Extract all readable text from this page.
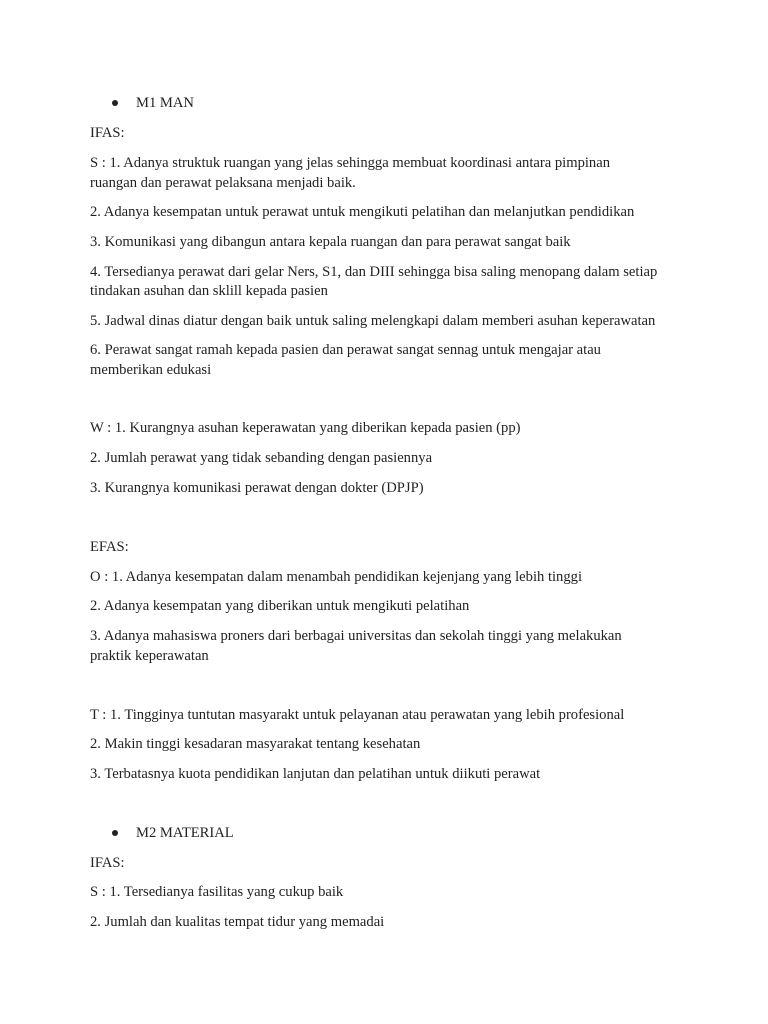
M1 MAN
IFAS:
S : 1. Adanya struktuk ruangan yang jelas sehingga membuat koordinasi antara pimpinan
ruangan dan perawat pelaksana menjadi baik.
2. Adanya kesempatan untuk perawat untuk mengikuti pelatihan dan melanjutkan pendidikan
3. Komunikasi yang dibangun antara kepala ruangan dan para perawat sangat baik
4. Tersedianya perawat dari gelar Ners, S1, dan DIII sehingga bisa saling menopang dalam setiap
tindakan asuhan dan sklill kepada pasien
5. Jadwal dinas diatur dengan baik untuk saling melengkapi dalam memberi asuhan keperawatan
6. Perawat sangat ramah kepada pasien dan perawat sangat sennag untuk mengajar atau
memberikan edukasi
W : 1. Kurangnya asuhan keperawatan yang diberikan kepada pasien (pp)
2. Jumlah perawat yang tidak sebanding dengan pasiennya
3. Kurangnya komunikasi perawat dengan dokter (DPJP)
EFAS:
O : 1. Adanya kesempatan dalam menambah pendidikan kejenjang yang lebih tinggi
2. Adanya kesempatan yang diberikan untuk mengikuti pelatihan
3. Adanya mahasiswa proners dari berbagai universitas dan sekolah tinggi yang melakukan
praktik keperawatan
T : 1. Tingginya tuntutan masyarakt untuk pelayanan atau perawatan yang lebih profesional
2. Makin tinggi kesadaran masyarakat tentang kesehatan
3. Terbatasnya kuota pendidikan lanjutan dan pelatihan untuk diikuti perawat
M2 MATERIAL
IFAS:
S : 1. Tersedianya fasilitas yang cukup baik
2. Jumlah dan kualitas tempat tidur yang memadai
